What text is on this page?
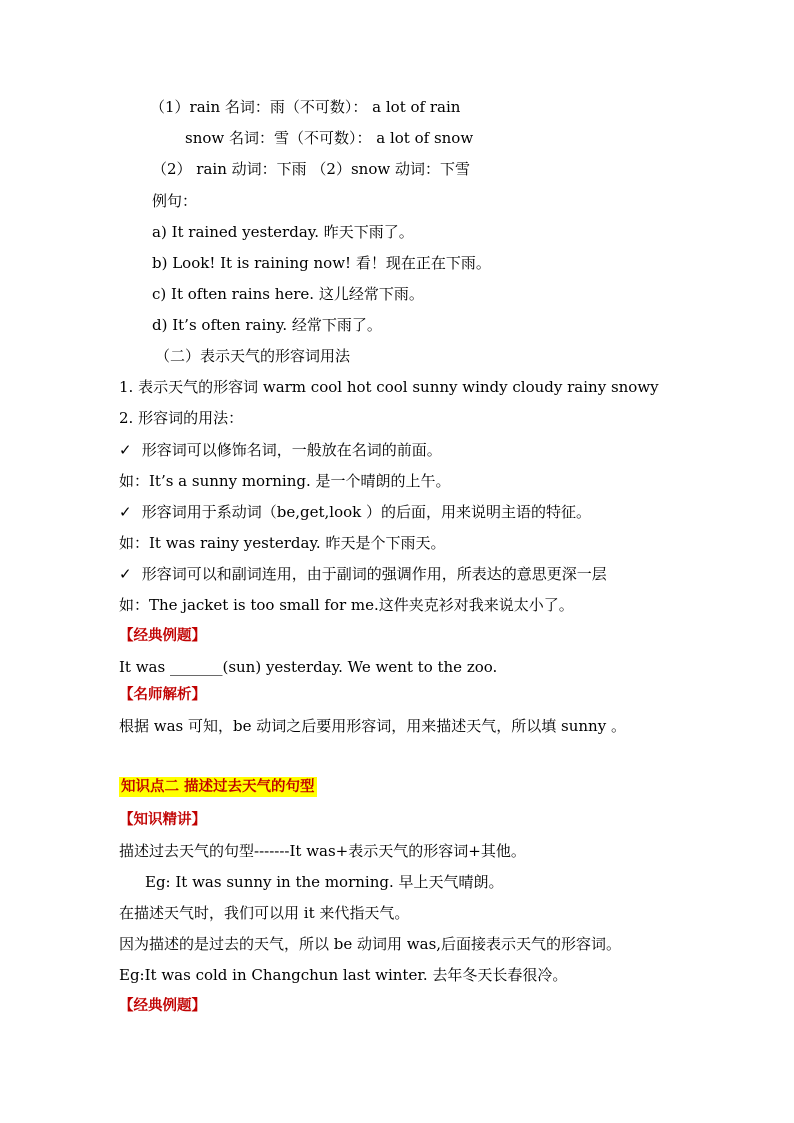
（1）rain 名词：雨（不可数）： a lot of rain
snow 名词：雪（不可数）： a lot of snow
（2） rain 动词：下雨 （2）snow 动词：下雪
例句：
a) It rained yesterday. 昨天下雨了。
b) Look! It is raining now! 看！现在正在下雨。
c) It often rains here. 这儿经常下雨。
d) It’s often rainy. 经常下雨了。
（二）表示天气的形容词用法
1. 表示天气的形容词 warm cool hot cool sunny windy cloudy rainy snowy
2. 形容词的用法：
✓ 形容词可以修饰名词，一般放在名词的前面。
如：It’s a sunny morning. 是一个晴朗的上午。
✓ 形容词用于系动词（be,get,look ）的后面，用来说明主语的特征。
如：It was rainy yesterday. 昨天是个下雨天。
✓ 形容词可以和副词连用，由于副词的强调作用，所表达的意思更深一层
如：The jacket is too small for me.这件夹克衫对我来说太小了。
【经典例题】
It was _______(sun) yesterday. We went to the zoo.
【名师解析】
根据 was 可知，be 动词之后要用形容词，用来描述天气，所以填 sunny 。
知识点二 描述过去天气的句型
【知识精讲】
描述过去天气的句型-------It was+表示天气的形容词+其他。
Eg: It was sunny in the morning. 早上天气晴朗。
在描述天气时，我们可以用 it 来代指天气。
因为描述的是过去的天气，所以 be 动词用 was,后面接表示天气的形容词。
Eg:It was cold in Changchun last winter. 去年冬天长春很冷。
【经典例题】
